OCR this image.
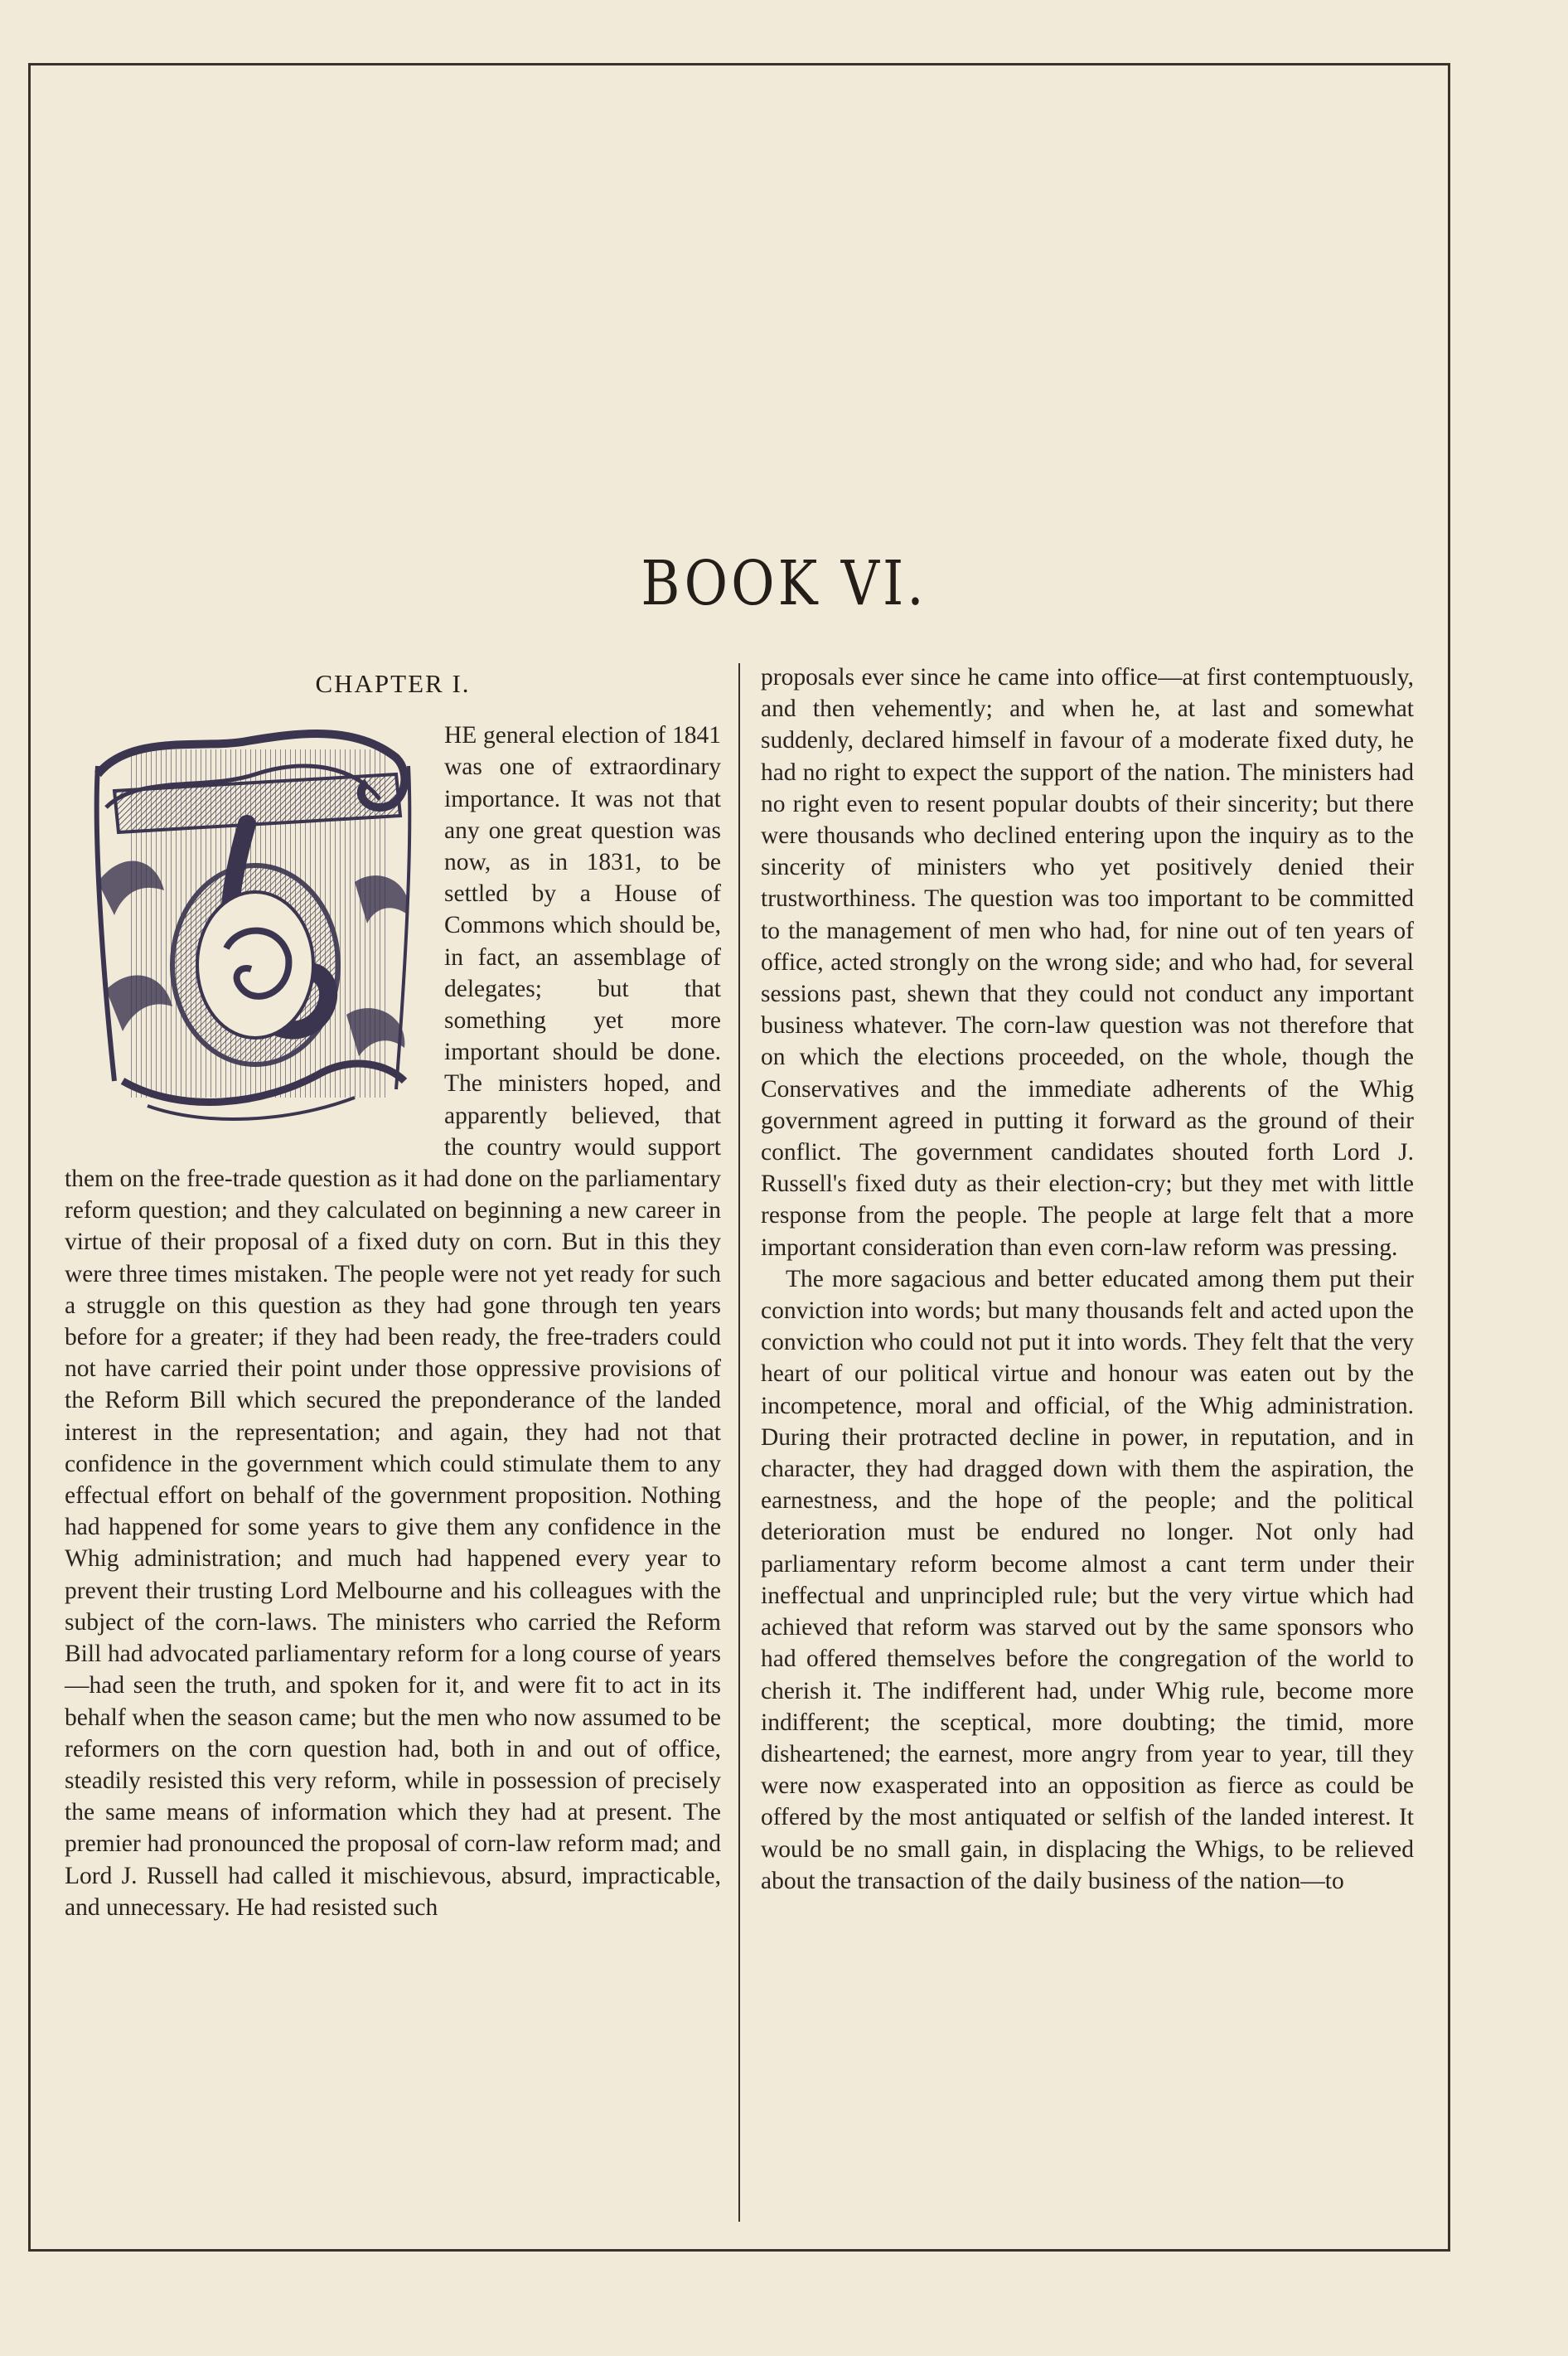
BOOK VI.
CHAPTER I.

HE general election of 1841 was one of extraordinary importance. It was not that any one great question was now, as in 1831, to be settled by a House of Commons which should be, in fact, an assemblage of delegates; but that something yet more important should be done. The ministers hoped, and apparently believed, that the country would support them on the free-trade question as it had done on the parliamentary reform question; and they calculated on beginning a new career in virtue of their proposal of a fixed duty on corn. But in this they were three times mistaken. The people were not yet ready for such a struggle on this question as they had gone through ten years before for a greater; if they had been ready, the free-traders could not have carried their point under those oppressive provisions of the Reform Bill which secured the preponderance of the landed interest in the representation; and again, they had not that confidence in the government which could stimulate them to any effectual effort on behalf of the government proposition. Nothing had happened for some years to give them any confidence in the Whig administration; and much had happened every year to prevent their trusting Lord Melbourne and his colleagues with the subject of the corn-laws. The ministers who carried the Reform Bill had advocated parliamentary reform for a long course of years—had seen the truth, and spoken for it, and were fit to act in its behalf when the season came; but the men who now assumed to be reformers on the corn question had, both in and out of office, steadily resisted this very reform, while in possession of precisely the same means of information which they had at present. The premier had pronounced the proposal of corn-law reform mad; and Lord J. Russell had called it mischievous, absurd, impracticable, and unnecessary. He had resisted such

proposals ever since he came into office—at first contemptuously, and then vehemently; and when he, at last and somewhat suddenly, declared himself in favour of a moderate fixed duty, he had no right to expect the support of the nation. The ministers had no right even to resent popular doubts of their sincerity; but there were thousands who declined entering upon the inquiry as to the sincerity of ministers who yet positively denied their trustworthiness. The question was too important to be committed to the management of men who had, for nine out of ten years of office, acted strongly on the wrong side; and who had, for several sessions past, shewn that they could not conduct any important business whatever. The corn-law question was not therefore that on which the elections proceeded, on the whole, though the Conservatives and the immediate adherents of the Whig government agreed in putting it forward as the ground of their conflict. The government candidates shouted forth Lord J. Russell's fixed duty as their election-cry; but they met with little response from the people. The people at large felt that a more important consideration than even corn-law reform was pressing.

The more sagacious and better educated among them put their conviction into words; but many thousands felt and acted upon the conviction who could not put it into words. They felt that the very heart of our political virtue and honour was eaten out by the incompetence, moral and official, of the Whig administration. During their protracted decline in power, in reputation, and in character, they had dragged down with them the aspiration, the earnestness, and the hope of the people; and the political deterioration must be endured no longer. Not only had parliamentary reform become almost a cant term under their ineffectual and unprincipled rule; but the very virtue which had achieved that reform was starved out by the same sponsors who had offered themselves before the congregation of the world to cherish it. The indifferent had, under Whig rule, become more indifferent; the sceptical, more doubting; the timid, more disheartened; the earnest, more angry from year to year, till they were now exasperated into an opposition as fierce as could be offered by the most antiquated or selfish of the landed interest. It would be no small gain, in displacing the Whigs, to be relieved about the transaction of the daily business of the nation—to
